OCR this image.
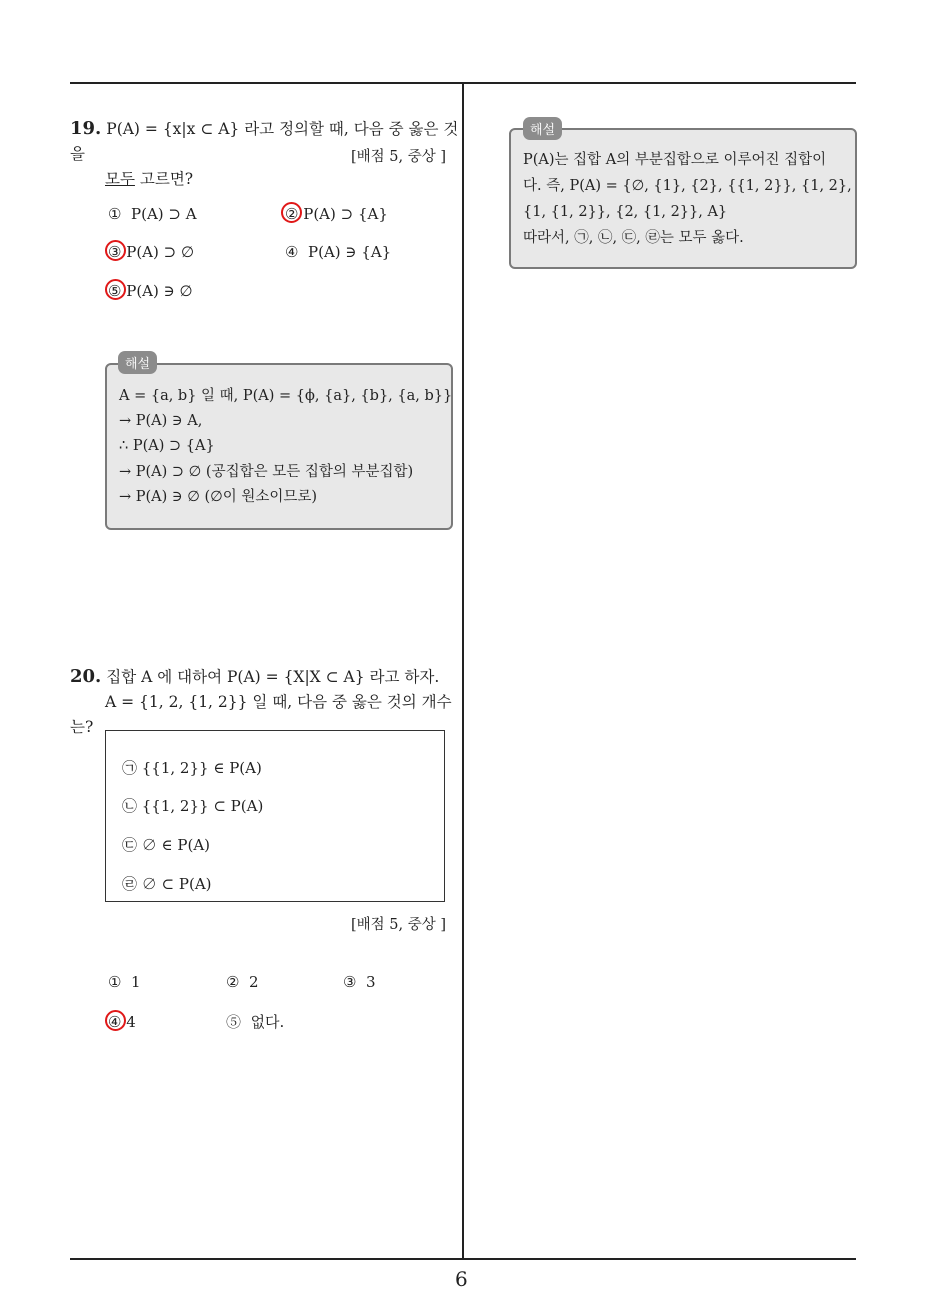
19. P(A) = {x|x ⊂ A} 라고 정의할 때, 다음 중 옳은 것을
모두 고르면?
[배점 5, 중상 ]
① P(A) ⊃ A	② P(A) ⊃ {A}
③ P(A) ⊃ ∅	④ P(A) ∋ {A}
⑤ P(A) ∋ ∅
A = {a, b} 일 때, P(A) = {ϕ, {a}, {b}, {a, b}}
→ P(A) ∋ A,
∴ P(A) ⊃ {A}
→ P(A) ⊃ ∅ (공집합은 모든 집합의 부분집합)
→ P(A) ∋ ∅ (∅이 원소이므로)
해설
20. 집합 A 에 대하여 P(A) = {X|X ⊂ A} 라고 하자.
A = {1, 2, {1, 2}} 일 때, 다음 중 옳은 것의 개수는?
㉠ {{1, 2}} ∈ P(A)
㉡ {{1, 2}} ⊂ P(A)
㉢ ∅ ∈ P(A)
㉣ ∅ ⊂ P(A)
[배점 5, 중상 ]
① 1	② 2	③ 3
④ 4	⑤ 없다.
P(A)는 집합 A의 부분집합으로 이루어진 집합이
다. 즉, P(A) = {∅, {1}, {2}, {{1, 2}}, {1, 2},
{1, {1, 2}}, {2, {1, 2}}, A}
따라서, ㉠, ㉡, ㉢, ㉣는 모두 옳다.
해설
6
